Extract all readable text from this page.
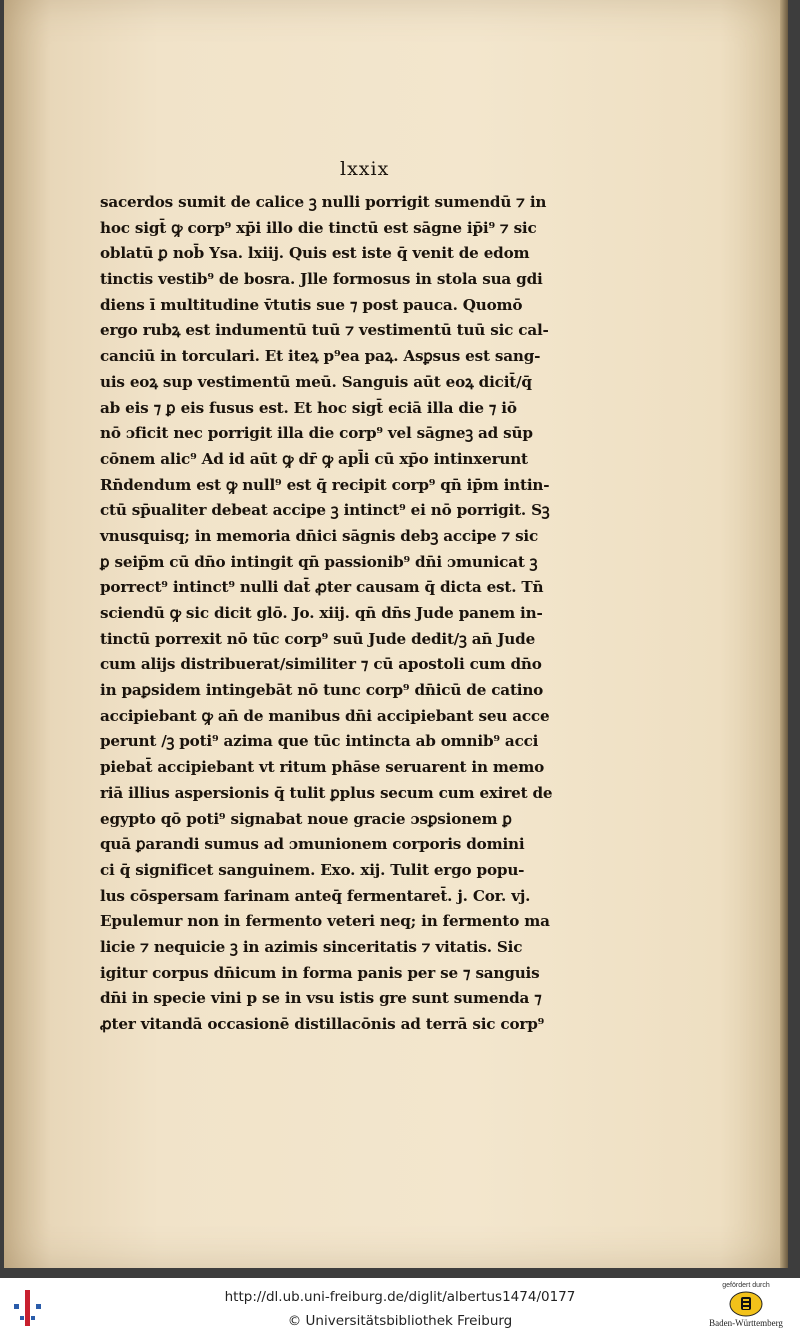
lxxix
sacerdos sumit de calice ꝫ nulli porrigit sumendū ⁊ in
hoc sigt̄ ꝙ corp⁹ xp̄i illo die tinctū est sāgne ip̄i⁹ ⁊ sic
oblatū ꝑ nob̄ Ysa. lxiij. Quis est iste q̄ venit de edom
tinctis vestib⁹ de bosra. Jlle formosus in stola sua gdi
diens ī multitudine v̄tutis sue ⁊ post pauca. Quomō
ergo rubꝝ est indumentū tuū ⁊ vestimentū tuū sic cal-
canciū in torculari. Et iteꝝ p⁹ea paꝝ. Asꝑsus est sang-
uis eoꝝ sup vestimentū meū. Sanguis aūt eoꝝ dicit̄/q̄
ab eis ⁊ ꝑ eis fusus est. Et hoc sigt̄ eciā illa die ⁊ iō
nō ɔficit nec porrigit illa die corp⁹ vel sāgneꝫ ad sūp
cōnem alic⁹ Ad id aūt ꝙ dr̄ ꝙ apl̄i cū xp̄o intinxerunt
Rn̄dendum est ꝙ null⁹ est q̄ recipit corp⁹ qn̄ ip̄m intin-
ctū sp̄ualiter debeat accipe ꝫ intinct⁹ ei nō porrigit. Sꝫ
vnusquisq; in memoria dn̄ici sāgnis debꝫ accipe ⁊ sic
ꝑ seip̄m cū dn̄o intingit qn̄ passionib⁹ dn̄i ɔmunicat ꝫ
porrect⁹ intinct⁹ nulli dat̄ ꝓter causam q̄ dicta est. Tn̄
sciendū ꝙ sic dicit glō. Jo. xiij. qn̄ dn̄s Jude panem in-
tinctū porrexit nō tūc corp⁹ suū Jude dedit/ꝫ an̄ Jude
cum alijs distribuerat/similiter ⁊ cū apostoli cum dn̄o
in paꝑsidem intingebāt nō tunc corp⁹ dn̄icū de catino
accipiebant ꝙ an̄ de manibus dn̄i accipiebant seu acce
perunt /ꝫ poti⁹ azima que tūc intincta ab omnib⁹ acci
piebat̄ accipiebant vt ritum phāse seruarent in memo
riā illius aspersionis q̄ tulit ꝑplus secum cum exiret de
egypto qō poti⁹ signabat noue gracie ɔsꝑsionem ꝑ
quā ꝑarandi sumus ad ɔmunionem corporis domini
ci q̄ significet sanguinem. Exo. xij. Tulit ergo popu-
lus cōspersam farinam anteq̄ fermentaret̄. j. Cor. vj.
Epulemur non in fermento veteri neq; in fermento ma
licie ⁊ nequicie ꝫ in azimis sinceritatis ⁊ vitatis. Sic
igitur corpus dn̄icum in forma panis per se ⁊ sanguis
dn̄i in specie vini p se in vsu istis gre sunt sumenda ⁊
ꝓter vitandā occasionē distillacōnis ad terrā sic corp⁹
http://dl.ub.uni-freiburg.de/diglit/albertus1474/0177
© Universitätsbibliothek Freiburg
gefördert durch
Baden-Württemberg
